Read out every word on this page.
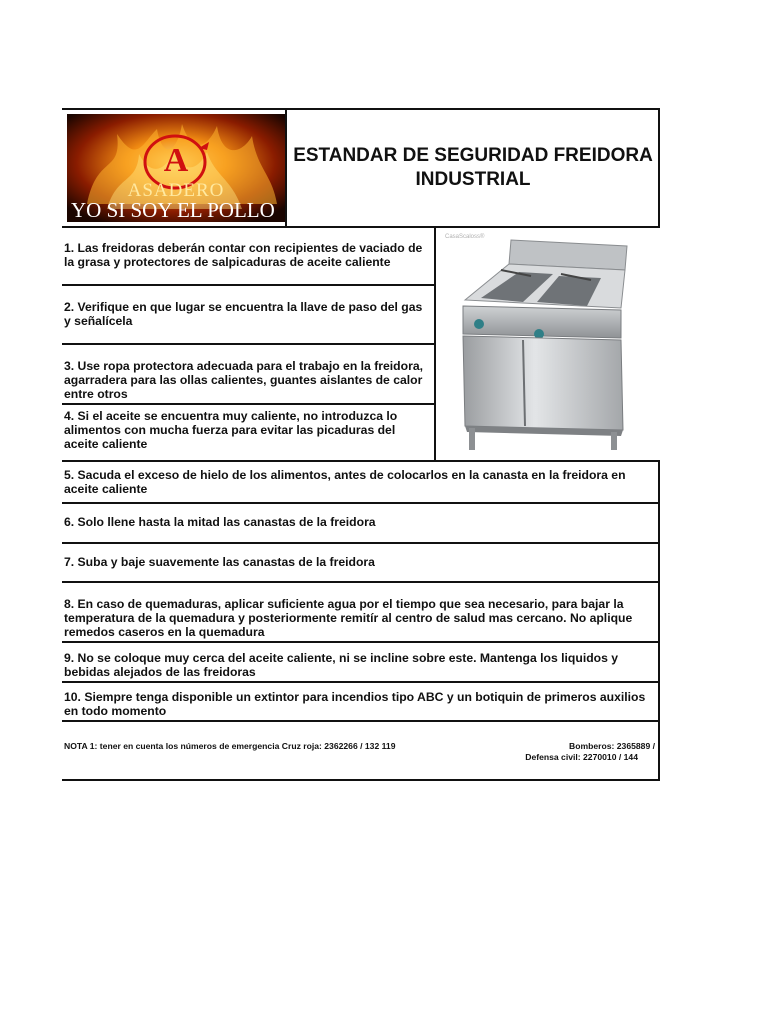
A
ASADERO
YO SI SOY EL POLLO
ESTANDAR DE SEGURIDAD FREIDORA INDUSTRIAL
CasaScaloss®
1. Las freidoras deberán contar con recipientes de vaciado de la grasa y protectores de salpicaduras de aceite caliente
2. Verifique en que lugar se encuentra la llave de paso del gas y señalícela
3. Use ropa protectora adecuada para el trabajo en la freidora, agarradera para las ollas calientes, guantes aislantes de calor entre otros
4. Si el aceite se encuentra muy caliente, no introduzca lo alimentos con mucha fuerza para evitar las picaduras del aceite caliente
5. Sacuda el exceso de hielo de los alimentos, antes de colocarlos en la canasta en la freidora en aceite caliente
6. Solo llene hasta la mitad las canastas de la freidora
7. Suba y baje suavemente las canastas de la freidora
8. En caso de quemaduras, aplicar suficiente agua por el tiempo que sea necesario, para bajar la temperatura de la quemadura y posteriormente remitír al centro de salud mas cercano. No aplique remedos caseros en la quemadura
9. No se coloque muy cerca del aceite caliente, ni se incline sobre este. Mantenga los liquidos y bebidas alejados de las freidoras
10. Siempre tenga disponible un extintor para incendios tipo ABC y un botiquin de primeros auxilios en todo momento
NOTA 1: tener en cuenta los números de emergencia Cruz roja: 2362266 / 132 119	Bomberos: 2365889 /
Defensa civil: 2270010 / 144
